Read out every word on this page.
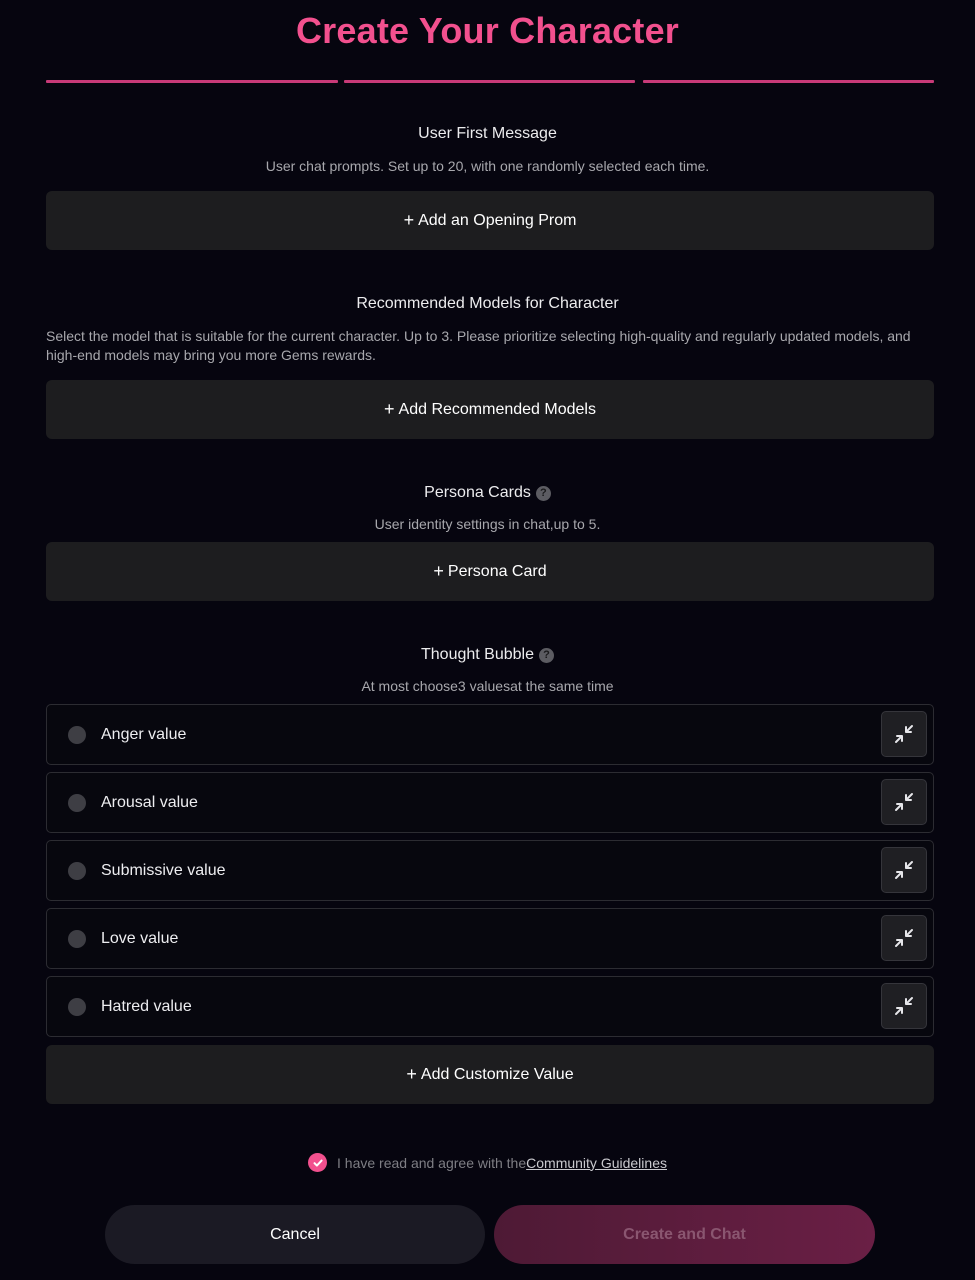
Create Your Character
User First Message
User chat prompts. Set up to 20, with one randomly selected each time.
+ Add an Opening Prom
Recommended Models for Character
Select the model that is suitable for the current character. Up to 3. Please prioritize selecting high-quality and regularly updated models, and high-end models may bring you more Gems rewards.
+ Add Recommended Models
Persona Cards ?
User identity settings in chat,up to 5.
+ Persona Card
Thought Bubble ?
At most choose3 valuesat the same time
Anger value
Arousal value
Submissive value
Love value
Hatred value
+ Add Customize Value
I have read and agree with the Community Guidelines
Cancel	Create and Chat
